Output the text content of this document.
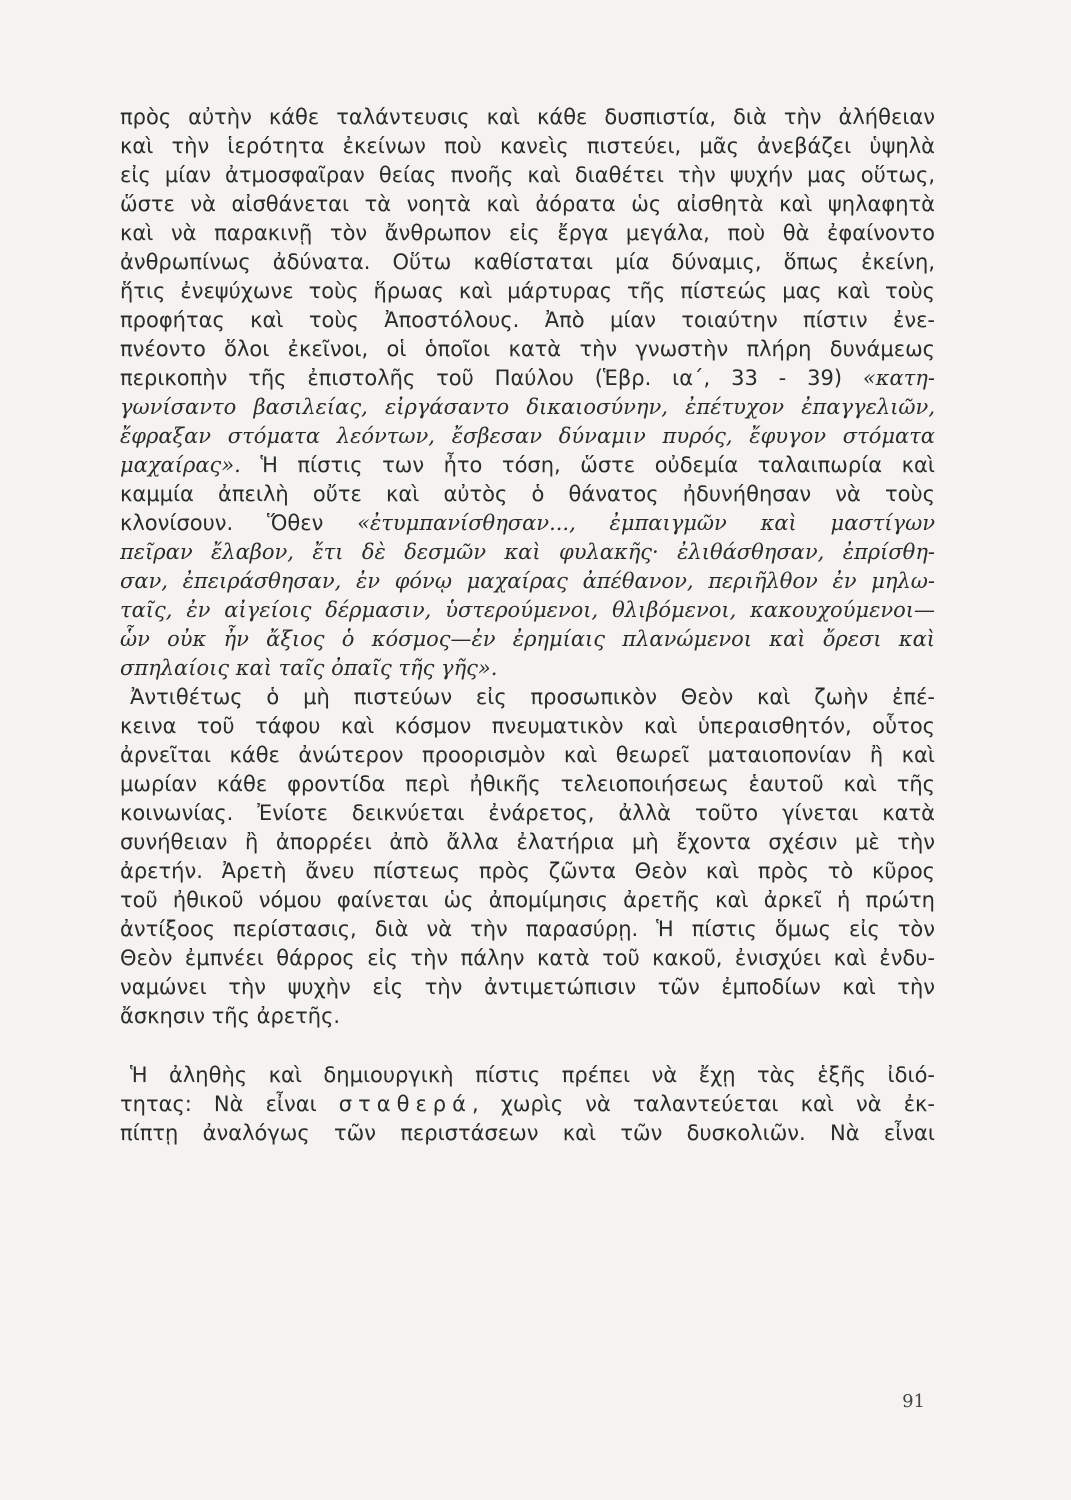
πρὸς αὐτὴν κάθε ταλάντευσις καὶ κάθε δυσπιστία, διὰ τὴν ἀλήθειαν
καὶ τὴν ἱερότητα ἐκείνων ποὺ κανεὶς πιστεύει, μᾶς ἀνεβάζει ὑψηλὰ
εἰς μίαν ἀτμοσφαῖραν θείας πνοῆς καὶ διαθέτει τὴν ψυχήν μας οὕτως,
ὥστε νὰ αἰσθάνεται τὰ νοητὰ καὶ ἀόρατα ὡς αἰσθητὰ καὶ ψηλαφητὰ
καὶ νὰ παρακινῇ τὸν ἄνθρωπον εἰς ἔργα μεγάλα, ποὺ θὰ ἐφαίνοντο
ἀνθρωπίνως ἀδύνατα. Οὕτω καθίσταται μία δύναμις, ὅπως ἐκείνη,
ἥτις ἐνεψύχωνε τοὺς ἥρωας καὶ μάρτυρας τῆς πίστεώς μας καὶ τοὺς
προφήτας καὶ τοὺς Ἀποστόλους. Ἀπὸ μίαν τοιαύτην πίστιν ἐνε-
πνέοντο ὅλοι ἐκεῖνοι, οἱ ὁποῖοι κατὰ τὴν γνωστὴν πλήρη δυνάμεως
περικοπὴν τῆς ἐπιστολῆς τοῦ Παύλου (Ἑβρ. ια΄, 33 - 39) «κατη-
γωνίσαντο βασιλείας, εἰργάσαντο δικαιοσύνην, ἐπέτυχον ἐπαγγελιῶν,
ἔφραξαν στόματα λεόντων, ἔσβεσαν δύναμιν πυρός, ἔφυγον στόματα
μαχαίρας». Ἡ πίστις των ἦτο τόση, ὥστε οὐδεμία ταλαιπωρία καὶ
καμμία ἀπειλὴ οὔτε καὶ αὐτὸς ὁ θάνατος ἠδυνήθησαν νὰ τοὺς
κλονίσουν. Ὅθεν «ἐτυμπανίσθησαν..., ἐμπαιγμῶν καὶ μαστίγων
πεῖραν ἔλαβον, ἔτι δὲ δεσμῶν καὶ φυλακῆς· ἐλιθάσθησαν, ἐπρίσθη-
σαν, ἐπειράσθησαν, ἐν φόνῳ μαχαίρας ἀπέθανον, περιῆλθον ἐν μηλω-
ταῖς, ἐν αἰγείοις δέρμασιν, ὑστερούμενοι, θλιβόμενοι, κακουχούμενοι—
ὧν οὐκ ἦν ἄξιος ὁ κόσμος—ἐν ἐρημίαις πλανώμενοι καὶ ὄρεσι καὶ
σπηλαίοις καὶ ταῖς ὀπαῖς τῆς γῆς».
Ἀντιθέτως ὁ μὴ πιστεύων εἰς προσωπικὸν Θεὸν καὶ ζωὴν ἐπέ-
κεινα τοῦ τάφου καὶ κόσμον πνευματικὸν καὶ ὑπεραισθητόν, οὗτος
ἀρνεῖται κάθε ἀνώτερον προορισμὸν καὶ θεωρεῖ ματαιοπονίαν ἢ καὶ
μωρίαν κάθε φροντίδα περὶ ἠθικῆς τελειοποιήσεως ἑαυτοῦ καὶ τῆς
κοινωνίας. Ἐνίοτε δεικνύεται ἐνάρετος, ἀλλὰ τοῦτο γίνεται κατὰ
συνήθειαν ἢ ἀπορρέει ἀπὸ ἄλλα ἐλατήρια μὴ ἔχοντα σχέσιν μὲ τὴν
ἀρετήν. Ἀρετὴ ἄνευ πίστεως πρὸς ζῶντα Θεὸν καὶ πρὸς τὸ κῦρος
τοῦ ἠθικοῦ νόμου φαίνεται ὡς ἀπομίμησις ἀρετῆς καὶ ἀρκεῖ ἡ πρώτη
ἀντίξοος περίστασις, διὰ νὰ τὴν παρασύρῃ. Ἡ πίστις ὅμως εἰς τὸν
Θεὸν ἐμπνέει θάρρος εἰς τὴν πάλην κατὰ τοῦ κακοῦ, ἐνισχύει καὶ ἐνδυ-
ναμώνει τὴν ψυχὴν εἰς τὴν ἀντιμετώπισιν τῶν ἐμποδίων καὶ τὴν
ἄσκησιν τῆς ἀρετῆς.
Ἡ ἀληθὴς καὶ δημιουργικὴ πίστις πρέπει νὰ ἔχῃ τὰς ἑξῆς ἰδιό-
τητας: Νὰ εἶναι σταθερά, χωρὶς νὰ ταλαντεύεται καὶ νὰ ἐκ-
πίπτῃ ἀναλόγως τῶν περιστάσεων καὶ τῶν δυσκολιῶν. Νὰ εἶναι
91
